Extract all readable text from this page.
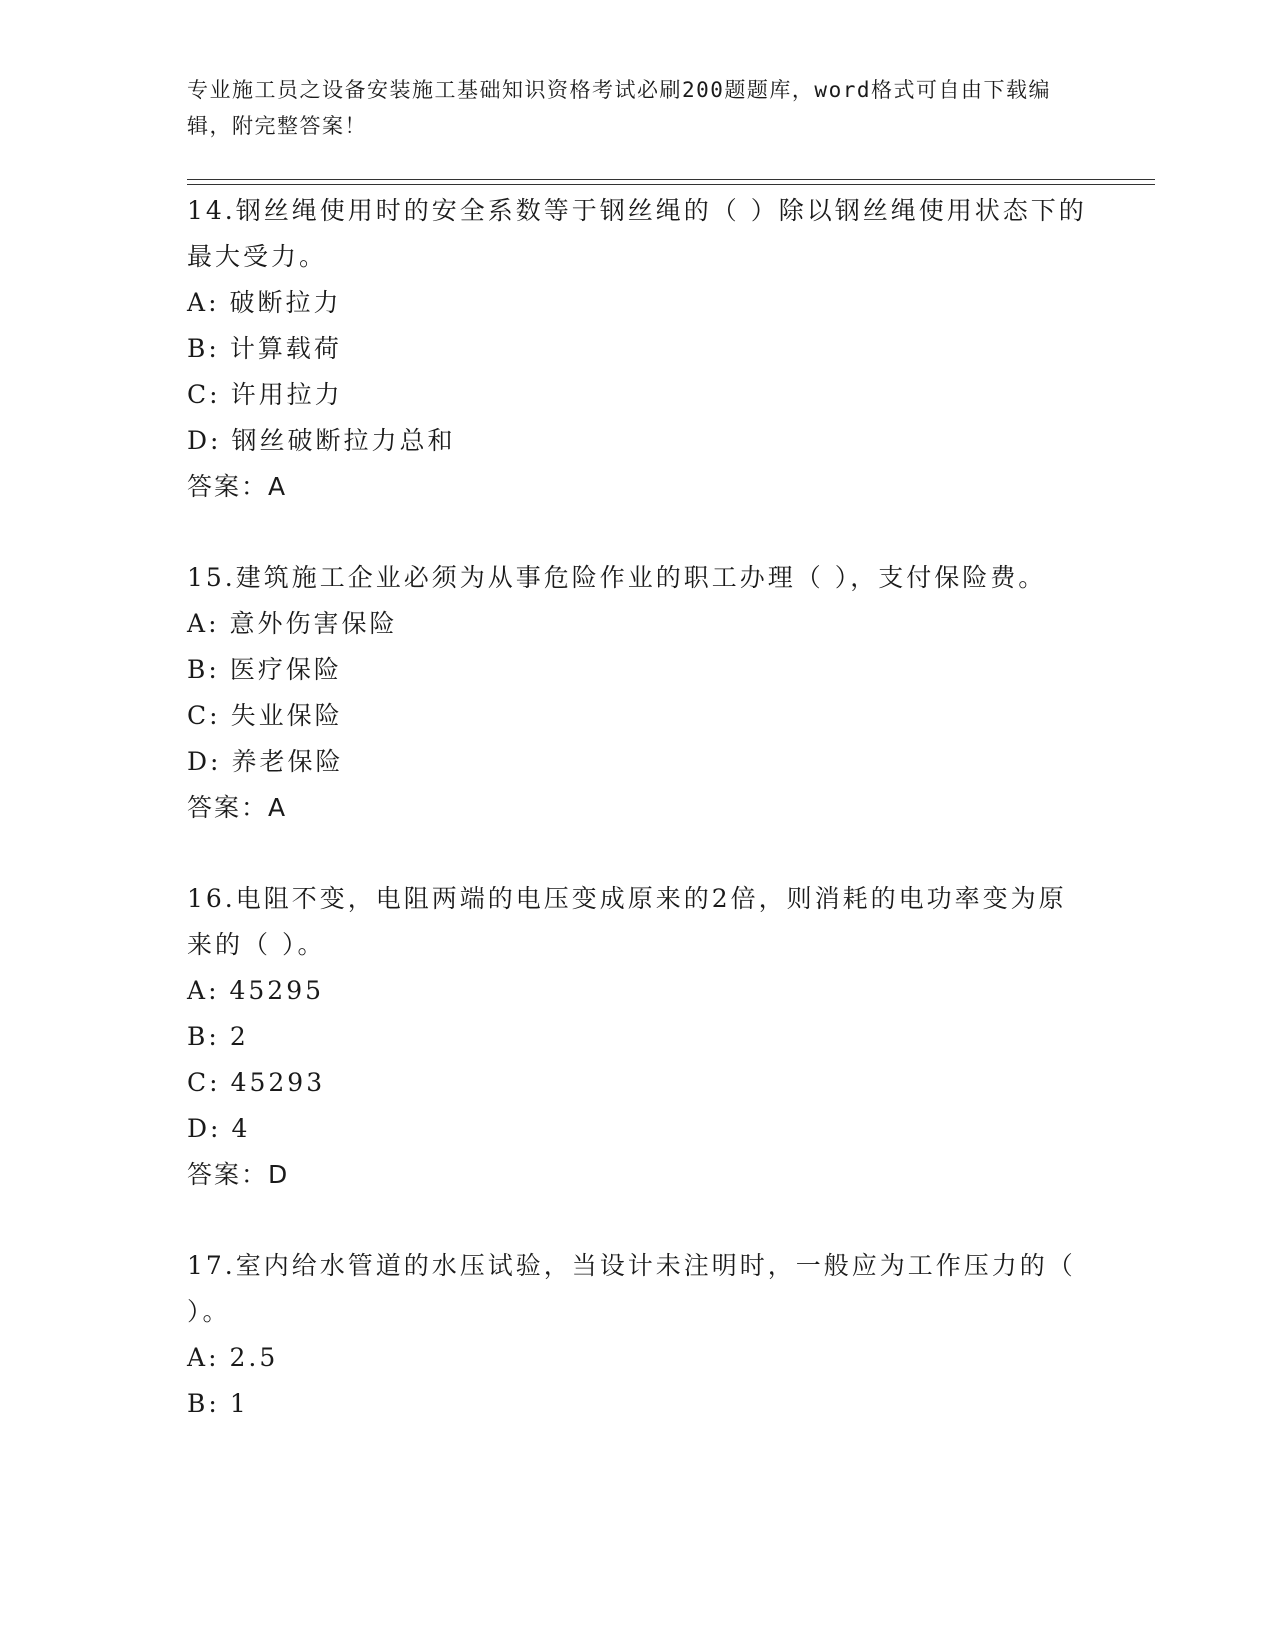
专业施工员之设备安装施工基础知识资格考试必刷200题题库，word格式可自由下载编辑，附完整答案！

14.钢丝绳使用时的安全系数等于钢丝绳的（ ）除以钢丝绳使用状态下的最大受力。

A: 破断拉力

B: 计算载荷

C: 许用拉力

D: 钢丝破断拉力总和

答案：A

15.建筑施工企业必须为从事危险作业的职工办理（ ），支付保险费。

A: 意外伤害保险

B: 医疗保险

C: 失业保险

D: 养老保险

答案：A

16.电阻不变，电阻两端的电压变成原来的2倍，则消耗的电功率变为原来的（ ）。

A: 45295

B: 2

C: 45293

D: 4

答案：D

17.室内给水管道的水压试验，当设计未注明时，一般应为工作压力的（ ）。

A: 2.5

B: 1
